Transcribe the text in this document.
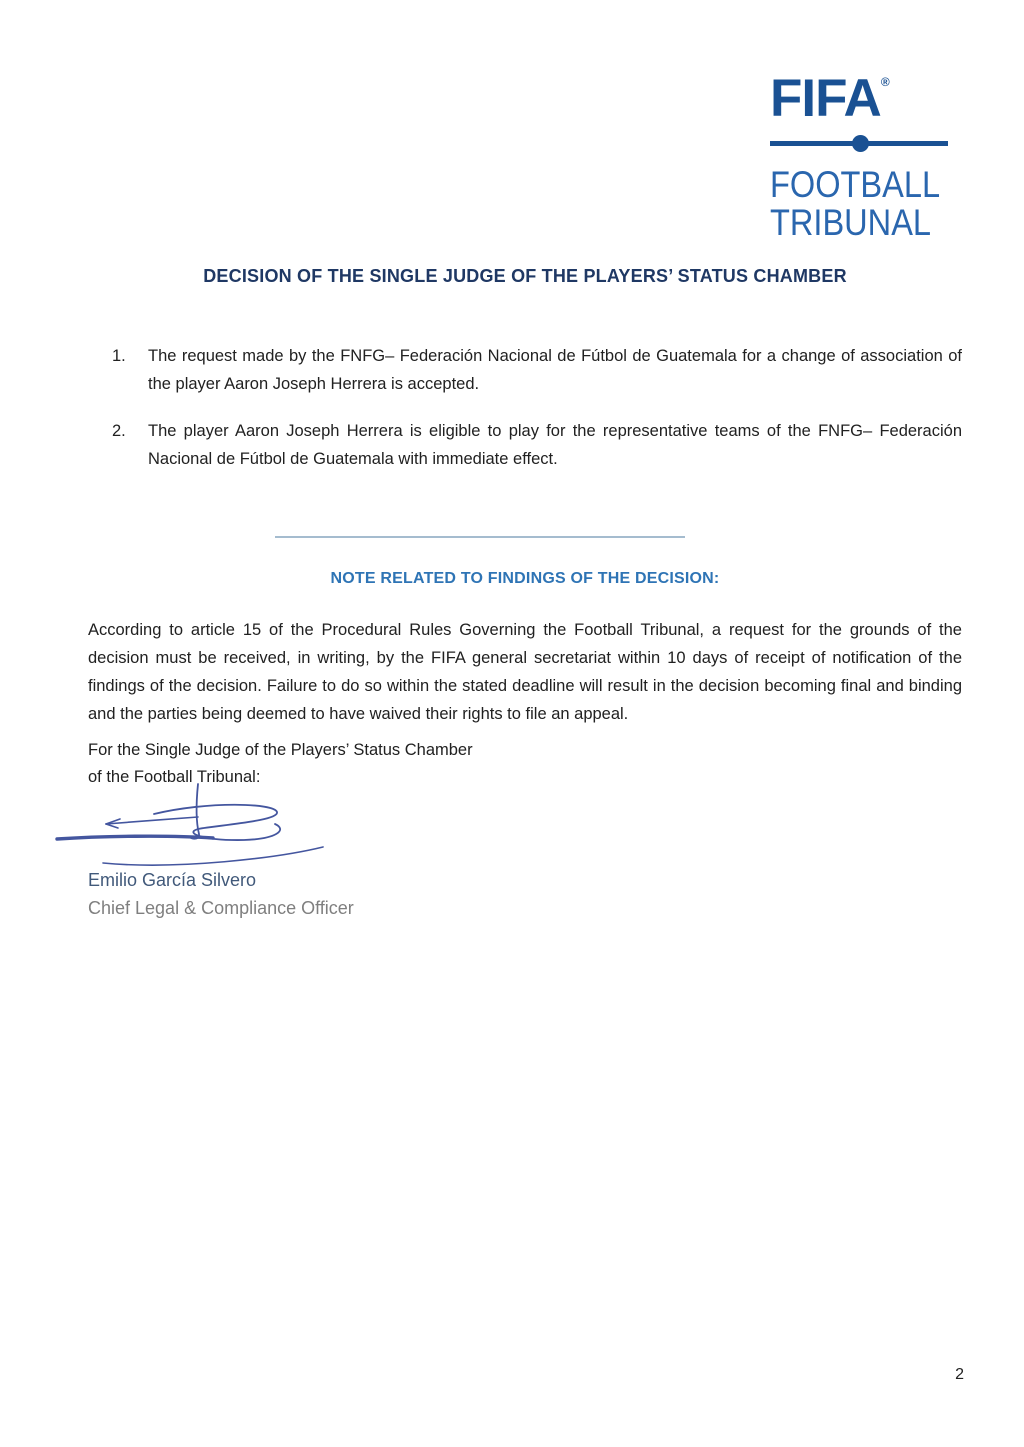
FIFA®
FOOTBALL
TRIBUNAL
DECISION OF THE SINGLE JUDGE OF THE PLAYERS’ STATUS CHAMBER
1.	The request made by the FNFG– Federación Nacional de Fútbol de Guatemala for a change of association of the player Aaron Joseph Herrera is accepted.
2.	The player Aaron Joseph Herrera is eligible to play for the representative teams of the FNFG– Federación Nacional de Fútbol de Guatemala with immediate effect.
NOTE RELATED TO FINDINGS OF THE DECISION:
According to article 15 of the Procedural Rules Governing the Football Tribunal, a request for the grounds of the decision must be received, in writing, by the FIFA general secretariat within 10 days of receipt of notification of the findings of the decision. Failure to do so within the stated deadline will result in the decision becoming final and binding and the parties being deemed to have waived their rights to file an appeal.
For the Single Judge of the Players’ Status Chamber
of the Football Tribunal:
Emilio García Silvero
Chief Legal & Compliance Officer
2
